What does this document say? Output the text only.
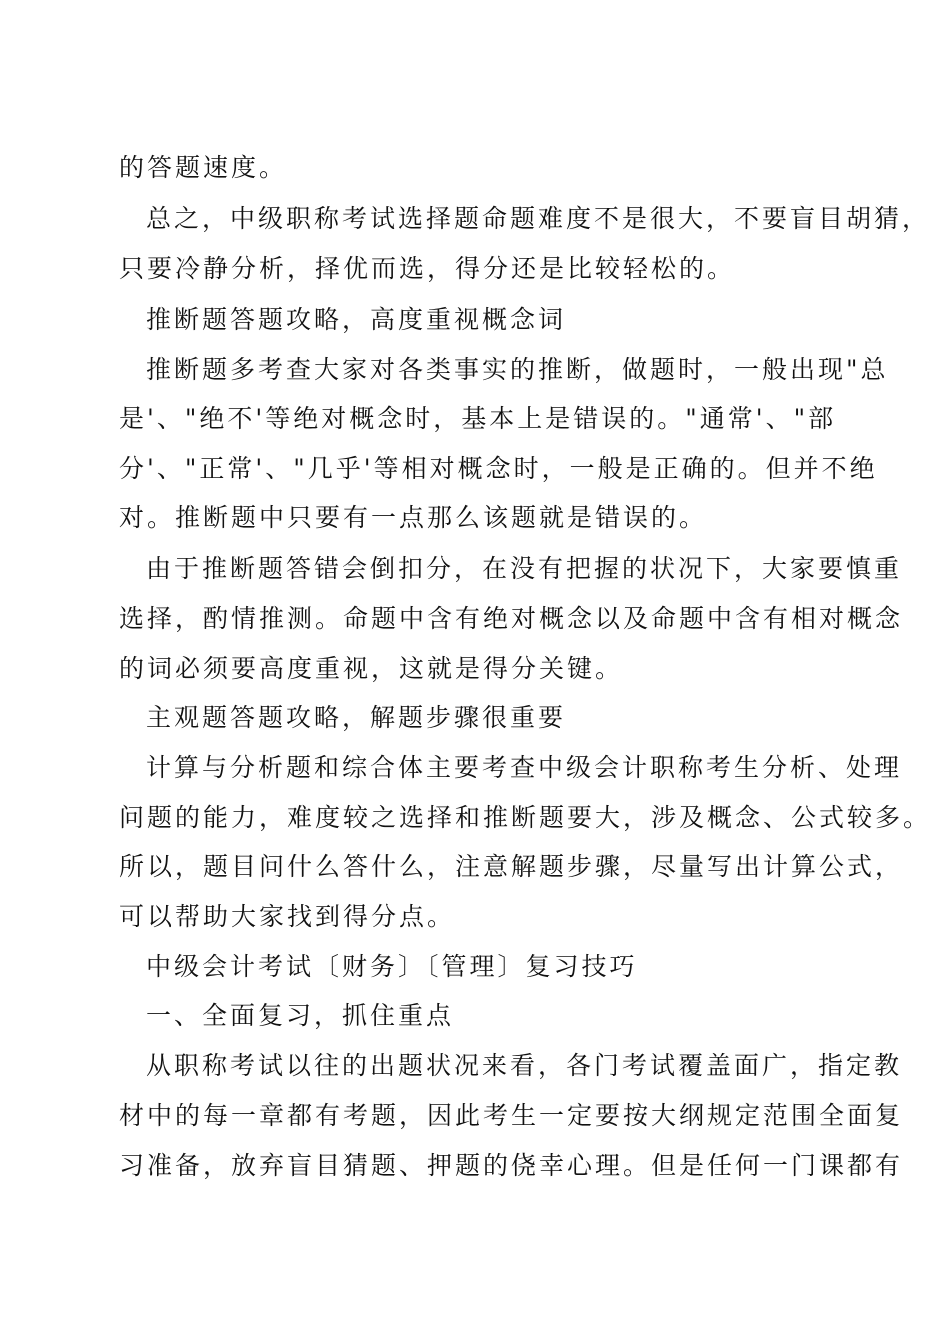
的答题速度。

总之，中级职称考试选择题命题难度不是很大，不要盲目胡猜，

只要冷静分析，择优而选，得分还是比较轻松的。

推断题答题攻略，高度重视概念词

推断题多考查大家对各类事实的推断，做题时，一般出现"总

是'、"绝不'等绝对概念时，基本上是错误的。"通常'、"部

分'、"正常'、"几乎'等相对概念时，一般是正确的。但并不绝

对。推断题中只要有一点那么该题就是错误的。

由于推断题答错会倒扣分，在没有把握的状况下，大家要慎重

选择，酌情推测。命题中含有绝对概念以及命题中含有相对概念

的词必须要高度重视，这就是得分关键。

主观题答题攻略，解题步骤很重要

计算与分析题和综合体主要考查中级会计职称考生分析、处理

问题的能力，难度较之选择和推断题要大，涉及概念、公式较多。

所以，题目问什么答什么，注意解题步骤，尽量写出计算公式，

可以帮助大家找到得分点。

中级会计考试〔财务〕〔管理〕复习技巧

一、全面复习，抓住重点

从职称考试以往的出题状况来看，各门考试覆盖面广，指定教

材中的每一章都有考题，因此考生一定要按大纲规定范围全面复

习准备，放弃盲目猜题、押题的侥幸心理。但是任何一门课都有
